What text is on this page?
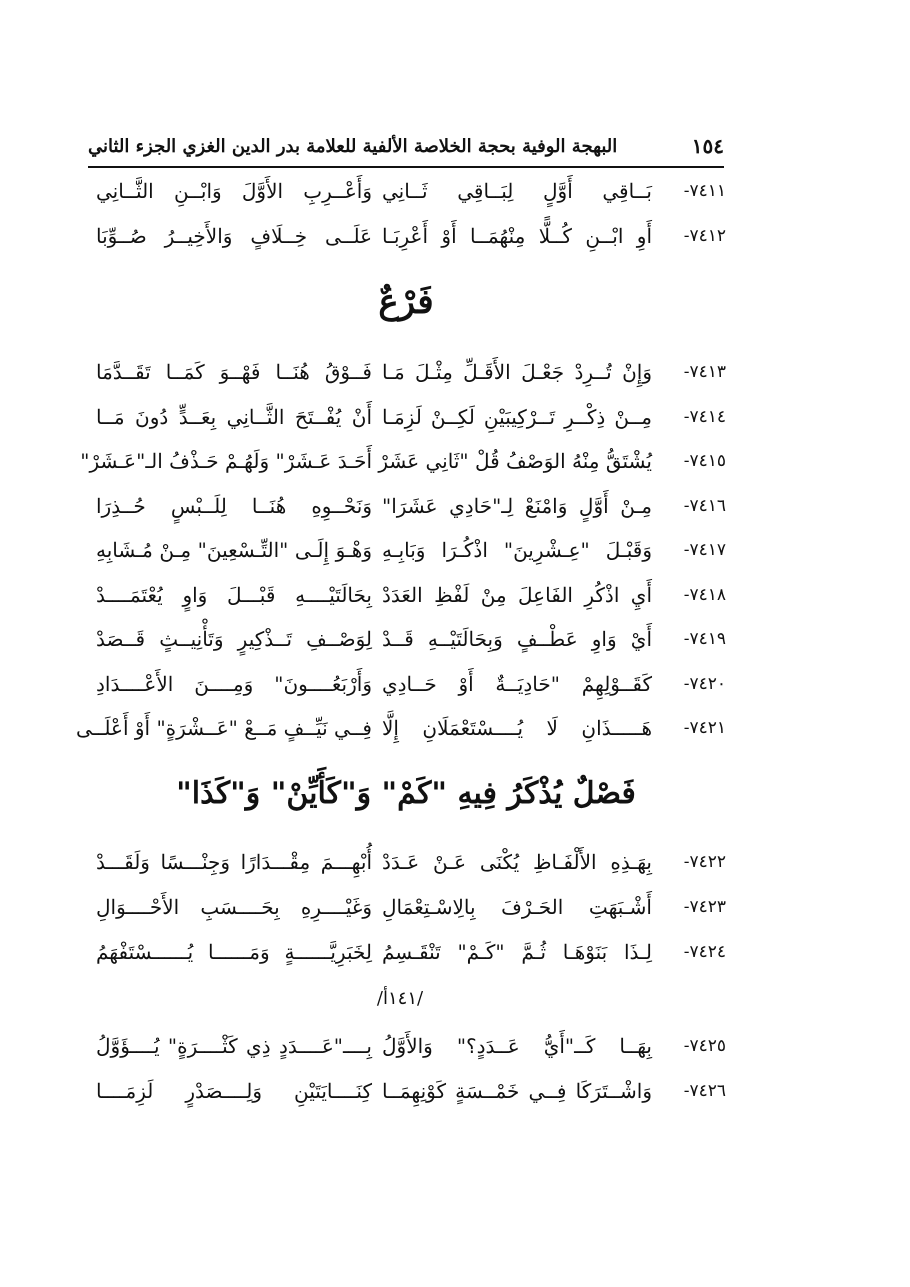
١٥٤
البهجة الوفية بحجة الخلاصة الألفية للعلامة بدر الدين الغزي الجزء الثاني
٧٤١١-
بَــاقِي أَوَّلٍ لِبَــاقِي ثَــانِي
وَأَعْــرِبِ الأَوَّلَ وَابْــنِ الثَّــانِي
٧٤١٢-
أَوِ ابْــنِ كُــلًّا مِنْهُمَــا أَوْ أَعْرِبَـا
عَلَــى خِــلَافٍ وَالأَخِيــرُ صُــوِّبَا
فَرْعٌ
٧٤١٣-
وَإِنْ تُــرِدْ جَعْـلَ الأَقَـلِّ مِثْـلَ مَـا
فَــوْقُ هُنَــا فَهْــوَ كَمَــا تَقَــدَّمَا
٧٤١٤-
مِــنْ ذِكْــرِ تَــرْكِيبَيْنِ لَكِــنْ لَزِمَـا
أَنْ يُفْــتَحَ الثَّــانِي بِعَــدٍّ دُونَ مَــا
٧٤١٥-
يُشْتَقُّ مِنْهُ الوَصْفُ قُلْ "ثَانِي عَشَرْ
أَحَـدَ عَـشَرْ" وَلَهُـمْ حَـذْفُ الـ"عَـشَرْ"
٧٤١٦-
مِـنْ أَوَّلٍ وَامْنَعْ لِـ"حَادِي عَشَرَا"
وَنَحْــوِهِ هُنَــا لِلَــبْسٍ حُــذِرَا
٧٤١٧-
وَقَبْـلَ "عِـشْرِينَ" اذْكُـرَا وَبَابِـهِ
وَهْـوَ إِلَـى "التِّـسْعِينَ" مِـنْ مُـشَابِهِ
٧٤١٨-
أَيِ اذْكُرِ الفَاعِلَ مِنْ لَفْظِ العَدَدْ
بِحَالَتَيْــــهِ قَبْـــلَ وَاوٍ يُعْتَمَــــدْ
٧٤١٩-
أَيْ وَاوِ عَطْــفٍ وَبِحَالَتَيْــهِ قَــدْ
لِوَصْــفِ تَــذْكِيرٍ وَتَأْنِيــثٍ قَــصَدْ
٧٤٢٠-
كَقَــوْلِهِمْ "حَادِيَــةٌ أَوْ حَــادِي
وَأَرْبَعُــــونَ" وَمِــــنَ الأَعْــــدَادِ
٧٤٢١-
هَـــــذَانِ لَا يُــــسْتَعْمَلَانِ إِلَّا
فِــي نَيِّــفٍ مَــعْ "عَــشْرَةٍ" أَوْ أَعْلَــى
فَصْلٌ يُذْكَرُ فِيهِ "كَمْ" وَ"كَأَيِّنْ" وَ"كَذَا"
٧٤٢٢-
بِهَـذِهِ الأَلْفَـاظِ يُكْنَى عَـنْ عَـدَدْ
أُبْهِـــمَ مِقْـــدَارًا وَجِنْـــسًا وَلَقَـــدْ
٧٤٢٣-
أَشْـبَهَتِ الحَـرْفَ بِالِاسْـتِعْمَالِ
وَغَيْــــرِهِ بِحَــــسَبِ الأَحْــــوَالِ
٧٤٢٤-
لِـذَا بَنَوْهَـا ثُـمَّ "كَـمْ" تَنْقَـسِمُ
لِخَبَرِيَّــــــةٍ وَمَــــــا يُــــــسْتَفْهَمُ
/١٤١أ/
٧٤٢٥-
بِهَــا كَــ"أَيُّ عَــدَدٍ؟" وَالأَوَّلُ
بِــــ"عَــــدَدٍ ذِي كَثْــــرَةٍ" يُــــؤَوَّلُ
٧٤٢٦-
وَاشْــتَرَكَا فِــي خَمْــسَةٍ كَوْنِهِمَــا
كِنَــــايَتَيْنِ وَلِــــصَدْرٍ لَزِمَــــا
